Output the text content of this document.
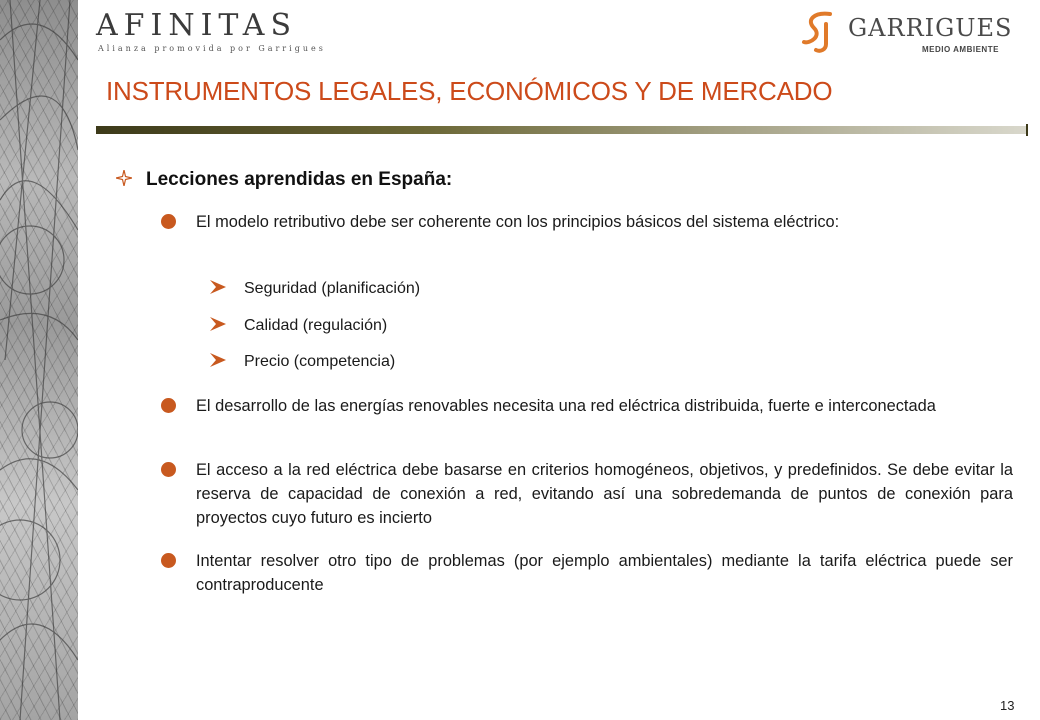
AFINITAS
Alianza promovida por Garrigues
GARRIGUES
MEDIO AMBIENTE
INSTRUMENTOS LEGALES, ECONÓMICOS Y DE MERCADO
Lecciones aprendidas en España:
El modelo retributivo debe ser coherente con los principios básicos del sistema eléctrico:
Seguridad (planificación)
Calidad (regulación)
Precio (competencia)
El desarrollo de las energías renovables necesita una red eléctrica distribuida, fuerte e interconectada
El acceso a la red eléctrica debe basarse en criterios homogéneos, objetivos, y predefinidos. Se debe evitar la reserva de capacidad de conexión a red, evitando así una sobredemanda de puntos de conexión para proyectos cuyo futuro es incierto
Intentar resolver otro tipo de problemas (por ejemplo ambientales) mediante la tarifa eléctrica puede ser contraproducente
13
